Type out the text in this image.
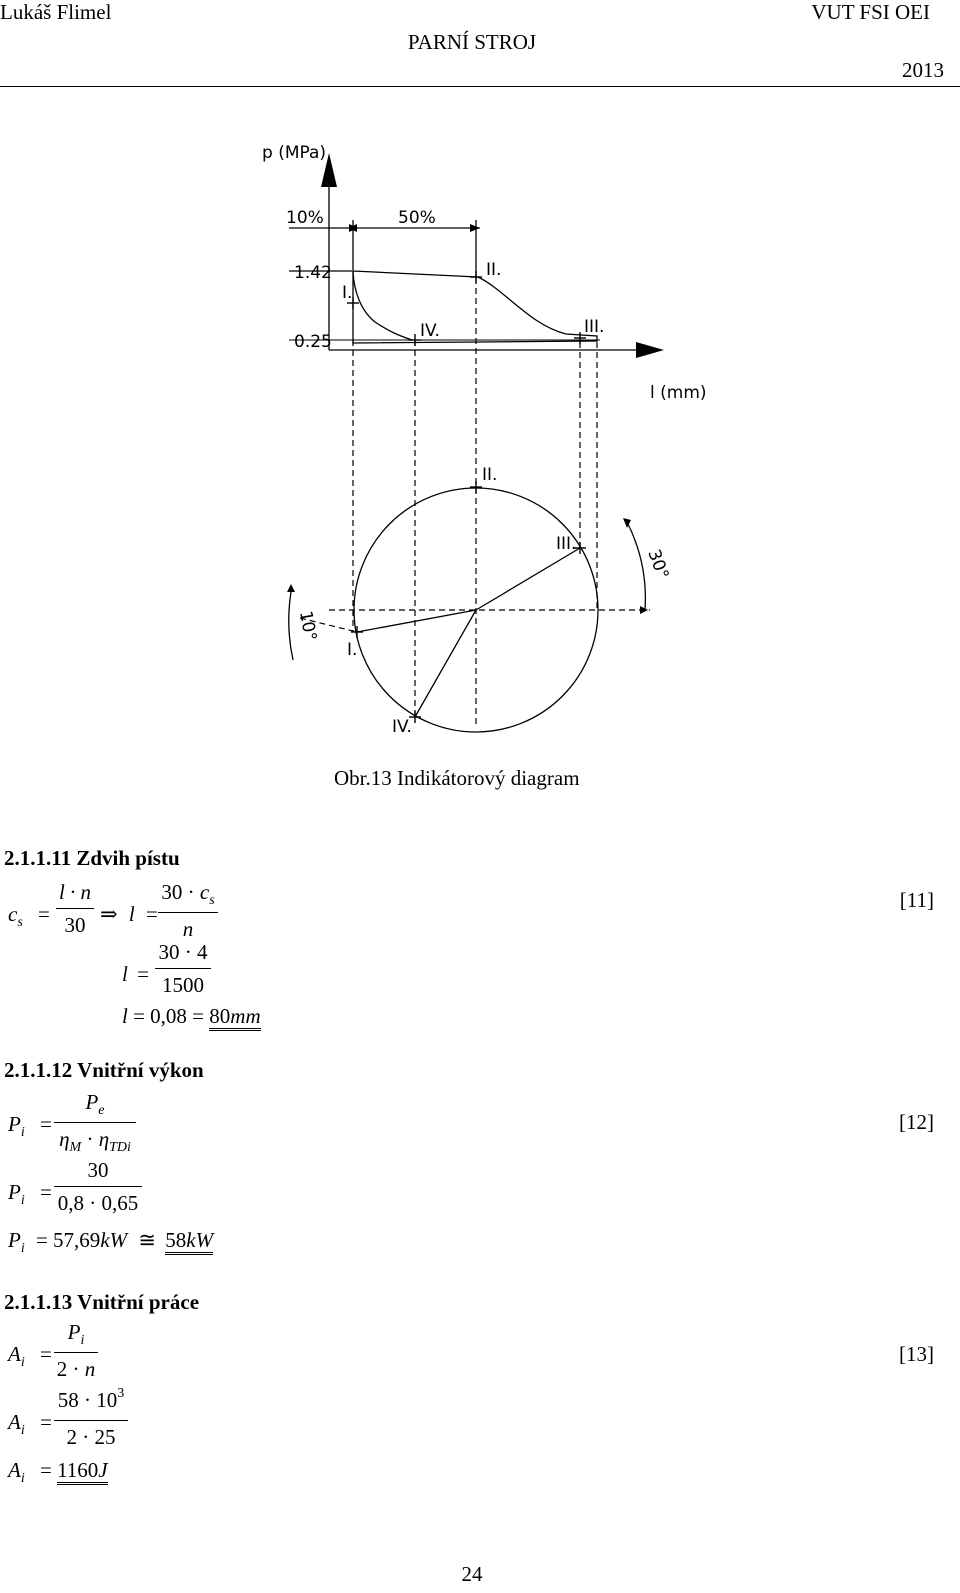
Lukáš Flimel
PARNÍ STROJ
VUT FSI OEI
2013
p (MPa)
l (mm)
10%	50%
1.42
0.25
I.
II.
IV.	III.
II.
III.
I.
IV.
30°
10°
Obr.13 Indikátorový diagram
2.1.1.11 Zdvih pístu
$c_s$ =
l · n
30 ⇒ l =
$30 \cdot c_s$
n
[11]
l =
30 · 4
1500
l = 0,08 = 80mm
2.1.1.12 Vnitřní výkon
$P_i$ =
$P_e$
$\eta_M \cdot \eta_{TDi}$
[12]
$P_i$ =
30
0,8 · 0,65
$P_i = 57,69kW$ ≅ 58kW
2.1.1.13 Vnitřní práce
$A_i$ =
$P_i$
2 · n
[13]
$A_i$ =
$58 \cdot 10^3$
2 · 25
$A_i = 1160J$
24
